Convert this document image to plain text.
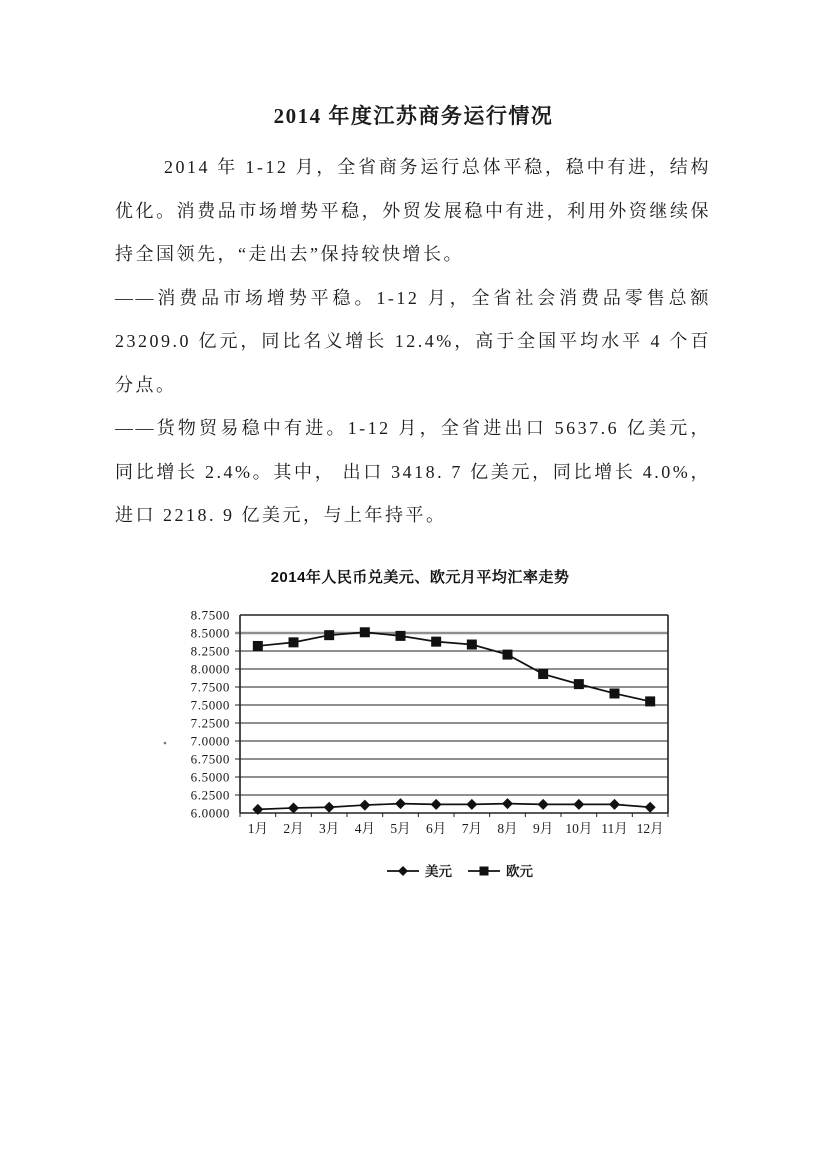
2014 年度江苏商务运行情况

2014 年 1-12 月，全省商务运行总体平稳，稳中有进，结构优化。消费品市场增势平稳，外贸发展稳中有进，利用外资继续保持全国领先，“走出去”保持较快增长。

——消费品市场增势平稳。1-12 月，全省社会消费品零售总额 23209.0 亿元，同比名义增长 12.4%，高于全国平均水平 4 个百分点。

——货物贸易稳中有进。1-12 月，全省进出口 5637.6 亿美元，同比增长 2.4%。其中， 出口 3418. 7 亿美元，同比增长 4.0%，进口 2218. 9 亿美元，与上年持平。

2014年人民币兑美元、欧元月平均汇率走势
8.7500
8.5000
8.2500
8.0000
7.7500
7.5000
7.2500
7.0000
6.7500
6.5000
6.2500
6.0000
1月 2月 3月 4月 5月 6月 7月 8月 9月 10月 11月 12月
美元	欧元
